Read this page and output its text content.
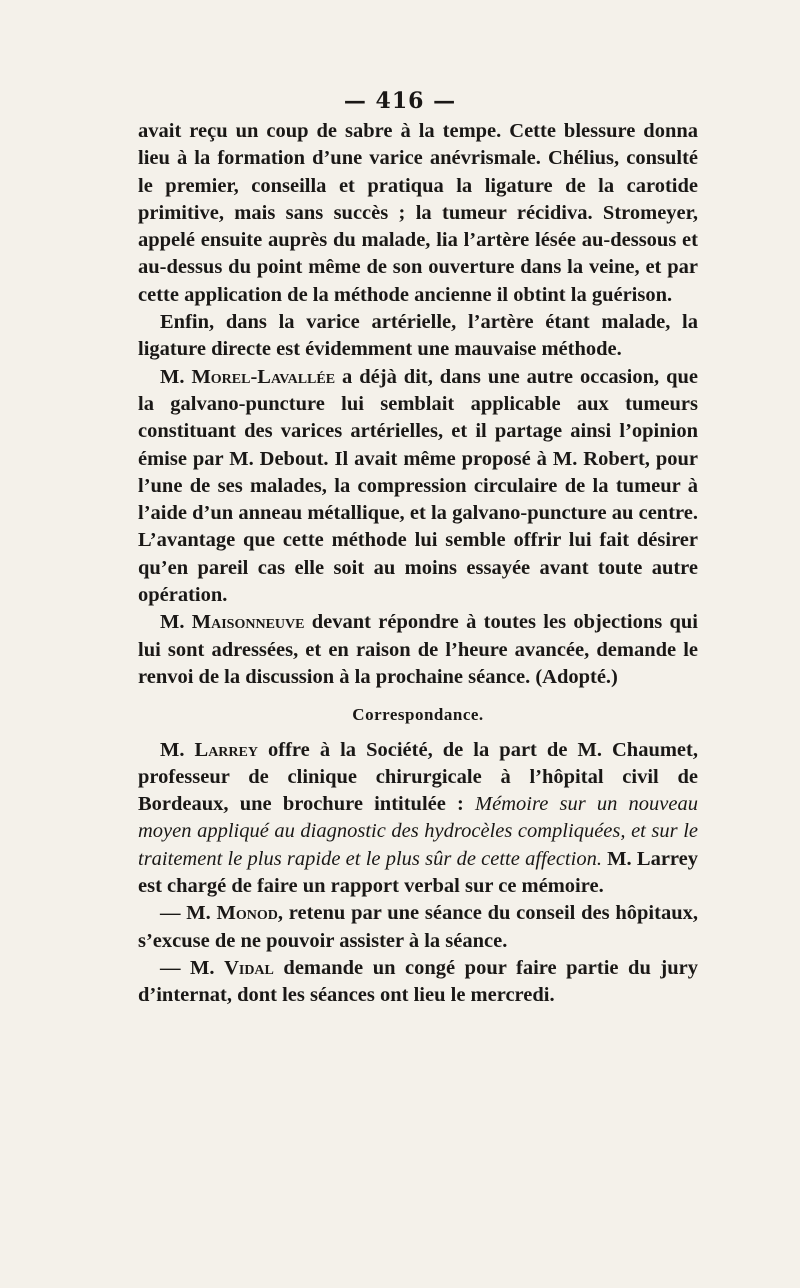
— 416 —

avait reçu un coup de sabre à la tempe. Cette blessure donna lieu à la formation d’une varice anévrismale. Chélius, consulté le premier, conseilla et pratiqua la ligature de la carotide primitive, mais sans succès ; la tumeur récidiva. Stromeyer, appelé ensuite auprès du malade, lia l’artère lésée au-dessous et au-dessus du point même de son ouverture dans la veine, et par cette application de la méthode ancienne il obtint la guérison.

Enfin, dans la varice artérielle, l’artère étant malade, la ligature directe est évidemment une mauvaise méthode.

M. Morel-Lavallée a déjà dit, dans une autre occasion, que la galvano-puncture lui semblait applicable aux tumeurs constituant des varices artérielles, et il partage ainsi l’opinion émise par M. Debout. Il avait même proposé à M. Robert, pour l’une de ses malades, la compression circulaire de la tumeur à l’aide d’un anneau métallique, et la galvano-puncture au centre. L’avantage que cette méthode lui semble offrir lui fait désirer qu’en pareil cas elle soit au moins essayée avant toute autre opération.

M. Maisonneuve devant répondre à toutes les objections qui lui sont adressées, et en raison de l’heure avancée, demande le renvoi de la discussion à la prochaine séance. (Adopté.)

Correspondance.

M. Larrey offre à la Société, de la part de M. Chaumet, professeur de clinique chirurgicale à l’hôpital civil de Bordeaux, une brochure intitulée : Mémoire sur un nouveau moyen appliqué au diagnostic des hydrocèles compliquées, et sur le traitement le plus rapide et le plus sûr de cette affection. M. Larrey est chargé de faire un rapport verbal sur ce mémoire.

— M. Monod, retenu par une séance du conseil des hôpitaux, s’excuse de ne pouvoir assister à la séance.

— M. Vidal demande un congé pour faire partie du jury d’internat, dont les séances ont lieu le mercredi.
